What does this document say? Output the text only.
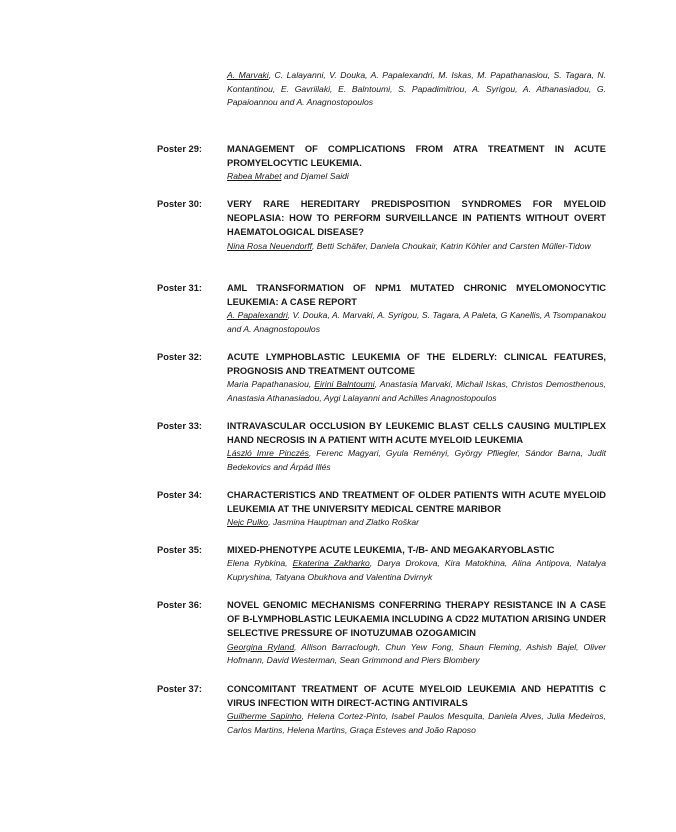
A. Marvaki, C. Lalayanni, V. Douka, A. Papalexandri, M. Iskas, M. Papathanasiou, S. Tagara, N. Kontantinou, E. Gavriilaki, E. Balntoumi, S. Papadimitriou, A. Syrigou, A. Athanasiadou, G. Papaioannou and A. Anagnostopoulos
Poster 29:	MANAGEMENT OF COMPLICATIONS FROM ATRA TREATMENT IN ACUTE PROMYELOCYTIC LEUKEMIA.
Rabea Mrabet and Djamel Saidi
Poster 30:	VERY RARE HEREDITARY PREDISPOSITION SYNDROMES FOR MYELOID NEOPLASIA: HOW TO PERFORM SURVEILLANCE IN PATIENTS WITHOUT OVERT HAEMATOLOGICAL DISEASE?
Nina Rosa Neuendorff, Betti Schäfer, Daniela Choukair, Katrin Köhler and Carsten Müller-Tidow
Poster 31:	AML TRANSFORMATION OF NPM1 MUTATED CHRONIC MYELOMONOCYTIC LEUKEMIA: A CASE REPORT
A. Papalexandri, V. Douka, A. Marvaki, A. Syrigou, S. Tagara, A Paleta, G Kanellis, A Tsompanakou and A. Anagnostopoulos
Poster 32:	ACUTE LYMPHOBLASTIC LEUKEMIA OF THE ELDERLY: CLINICAL FEATURES, PROGNOSIS AND TREATMENT OUTCOME
Maria Papathanasiou, Eirini Balntoumi, Anastasia Marvaki, Michail Iskas, Christos Demosthenous, Anastasia Athanasiadou, Aygi Lalayanni and Achilles Anagnostopoulos
Poster 33:	INTRAVASCULAR OCCLUSION BY LEUKEMIC BLAST CELLS CAUSING MULTIPLEX HAND NECROSIS IN A PATIENT WITH ACUTE MYELOID LEUKEMIA
László Imre Pinczés, Ferenc Magyari, Gyula Reményi, György Pfliegler, Sándor Barna, Judit Bedekovics and Árpád Illés
Poster 34:	CHARACTERISTICS AND TREATMENT OF OLDER PATIENTS WITH ACUTE MYELOID LEUKEMIA AT THE UNIVERSITY MEDICAL CENTRE MARIBOR
Nejc Pulko, Jasmina Hauptman and Zlatko Roškar
Poster 35:	MIXED-PHENOTYPE ACUTE LEUKEMIA, T-/B- AND MEGAKARYOBLASTIC
Elena Rybkina, Ekaterina Zakharko, Darya Drokova, Kira Matokhina, Alina Antipova, Natalya Kupryshina, Tatyana Obukhova and Valentina Dvirnyk
Poster 36:	NOVEL GENOMIC MECHANISMS CONFERRING THERAPY RESISTANCE IN A CASE OF B-LYMPHOBLASTIC LEUKAEMIA INCLUDING A CD22 MUTATION ARISING UNDER SELECTIVE PRESSURE OF INOTUZUMAB OZOGAMICIN
Georgina Ryland, Allison Barraclough, Chun Yew Fong, Shaun Fleming, Ashish Bajel, Oliver Hofmann, David Westerman, Sean Grimmond and Piers Blombery
Poster 37:	CONCOMITANT TREATMENT OF ACUTE MYELOID LEUKEMIA AND HEPATITIS C VIRUS INFECTION WITH DIRECT-ACTING ANTIVIRALS
Guilherme Sapinho, Helena Cortez-Pinto, Isabel Paulos Mesquita, Daniela Alves, Julia Medeiros, Carlos Martins, Helena Martins, Graça Esteves and João Raposo
